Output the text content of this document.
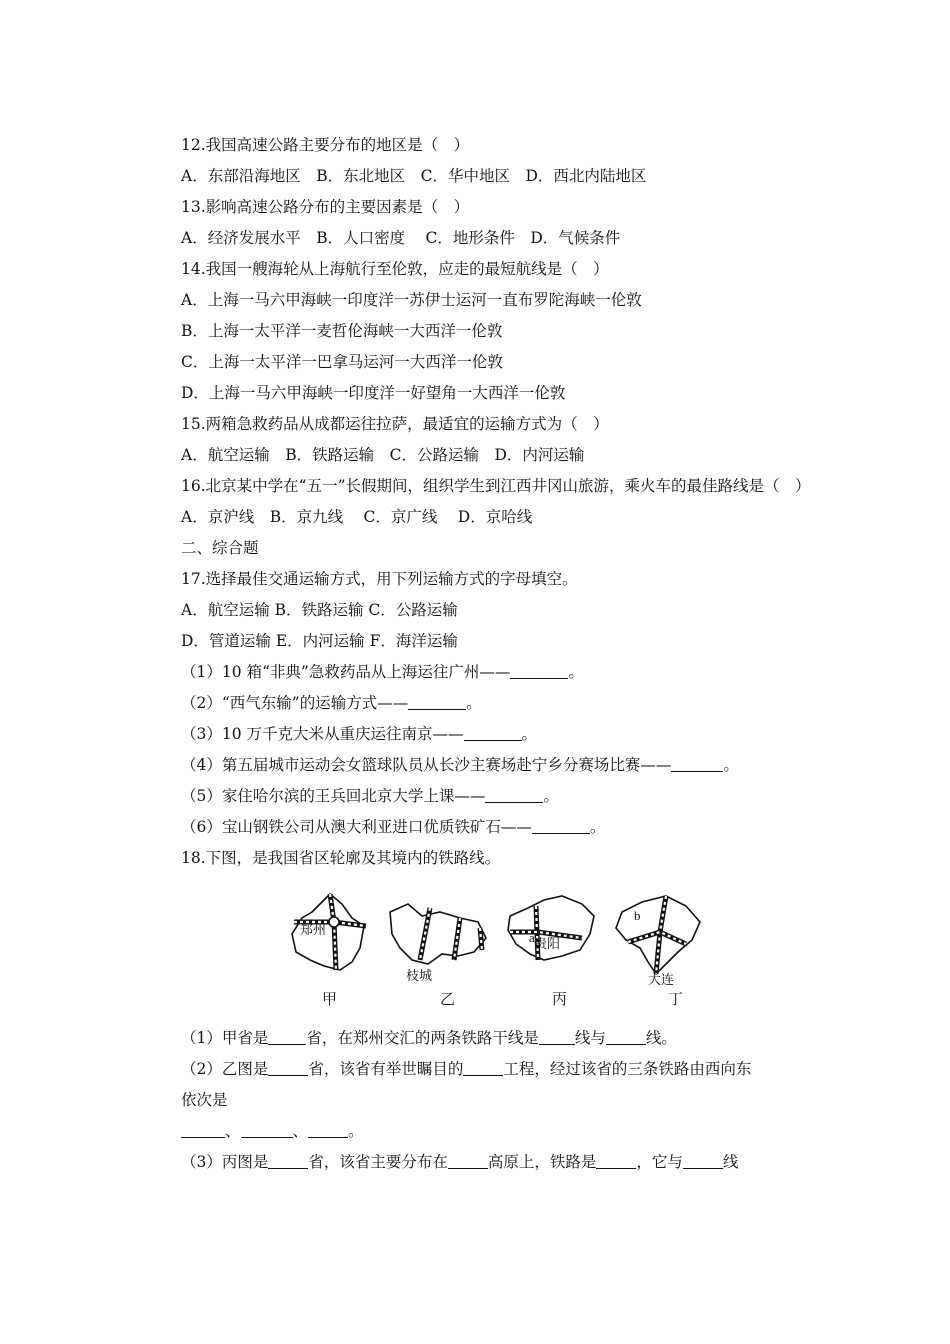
12.我国高速公路主要分布的地区是（　）
A．东部沿海地区　B．东北地区　C．华中地区　D．西北内陆地区
13.影响高速公路分布的主要因素是（　）
A．经济发展水平　B．人口密度　 C．地形条件　D．气候条件
14.我国一艘海轮从上海航行至伦敦，应走的最短航线是（　）
A．上海一马六甲海峡一印度洋一苏伊士运河一直布罗陀海峡一伦敦
B．上海一太平洋一麦哲伦海峡一大西洋一伦敦
C．上海一太平洋一巴拿马运河一大西洋一伦敦
D．上海一马六甲海峡一印度洋一好望角一大西洋一伦敦
15.两箱急救药品从成都运往拉萨，最适宜的运输方式为（　）
A．航空运输　B．铁路运输　C．公路运输　D．内河运输
16.北京某中学在“五一”长假期间，组织学生到江西井冈山旅游，乘火车的最佳路线是（　）
A．京沪线　B．京九线　 C．京广线　 D．京哈线
二、综合题
17.选择最佳交通运输方式，用下列运输方式的字母填空。
A．航空运输 B．铁路运输 C．公路运输
D．管道运输 E．内河运输 F．海洋运输
（1）10 箱“非典”急救药品从上海运往广州——	。
（2）“西气东输”的运输方式——	。
（3）10 万千克大米从重庆运往南京——	。
（4）第五届城市运动会女篮球队员从长沙主赛场赴宁乡分赛场比赛——	。
（5）家住哈尔滨的王兵回北京大学上课——	。
（6）宝山钢铁公司从澳大利亚进口优质铁矿石——	。
18.下图，是我国省区轮廓及其境内的铁路线。
郑州
枝城
贵阳
a
大连
b
甲	乙	丙	丁
（1）甲省是 省，在郑州交汇的两条铁路干线是 线与	线。
（2）乙图是	省，该省有举世瞩目的	工程，经过该省的三条铁路由西向东
依次是
、	、	。
（3）丙图是	省，该省主要分布在	高原上，铁路是	，它与	线
